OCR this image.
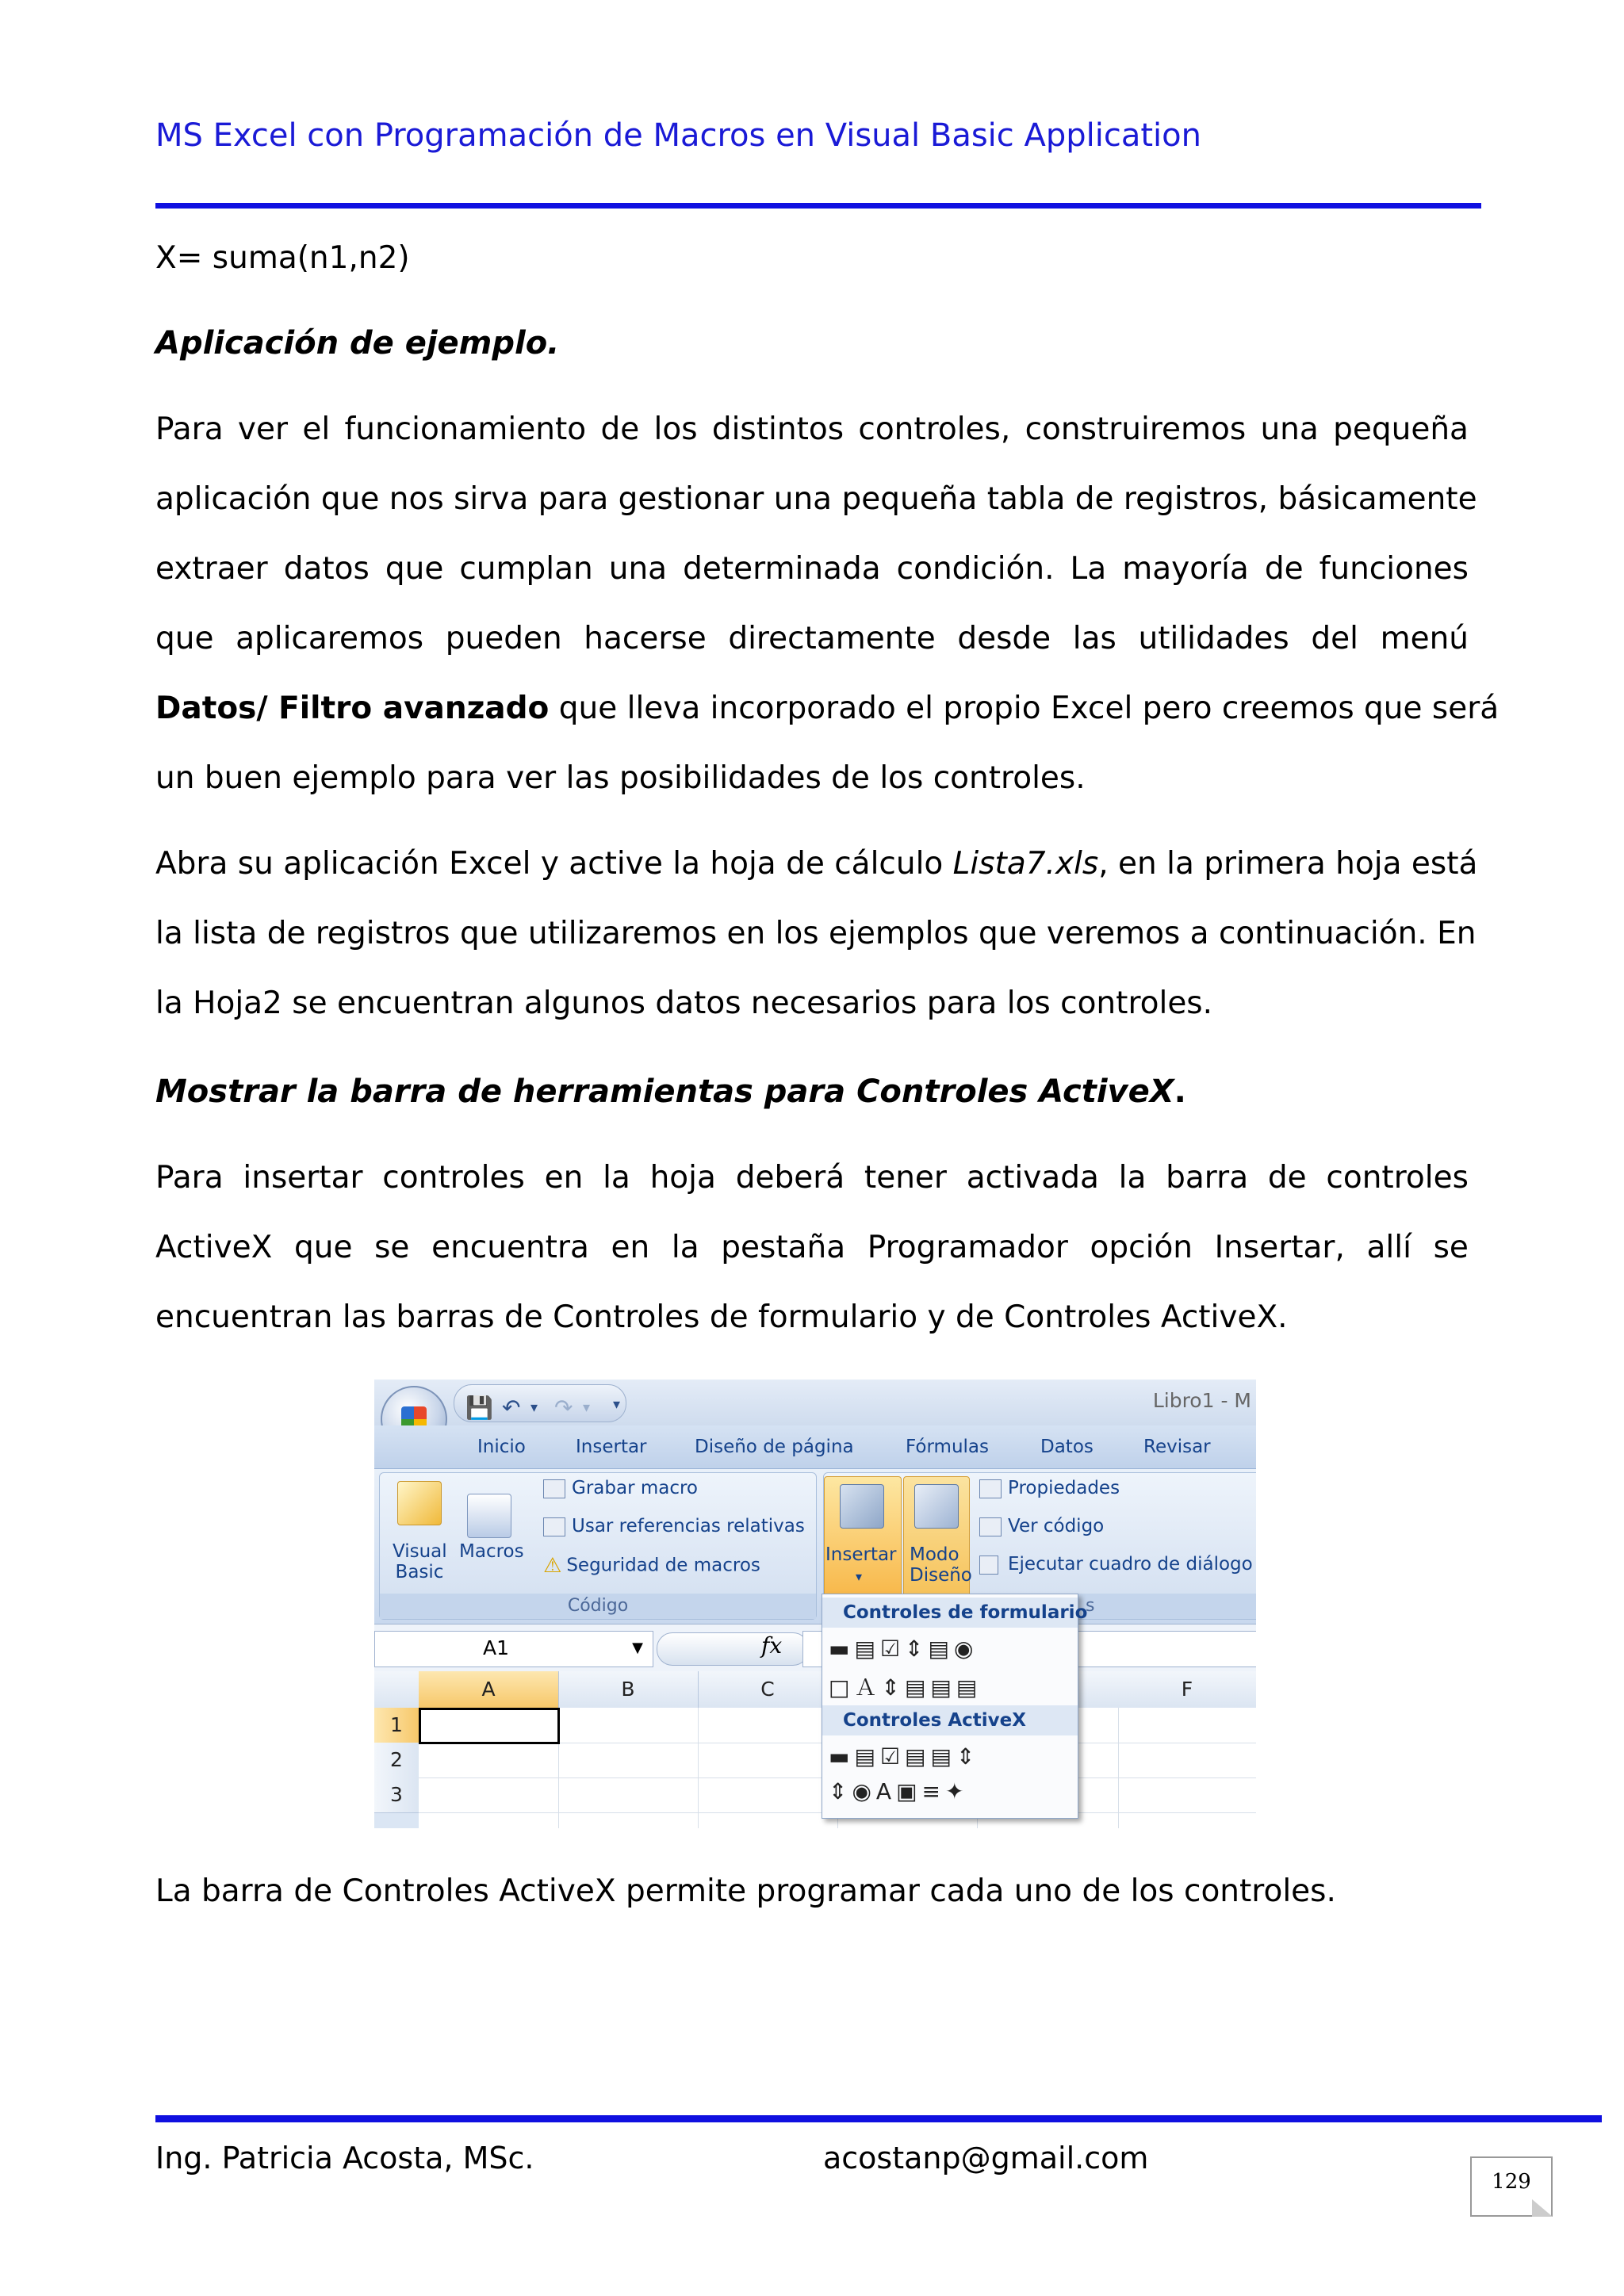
MS Excel con Programación de Macros en Visual Basic Application
X= suma(n1,n2)
Aplicación de ejemplo.
Para ver el funcionamiento de los distintos controles, construiremos una pequeña
aplicación que nos sirva para gestionar una pequeña tabla de registros, básicamente
extraer datos que cumplan una determinada condición. La mayoría de funciones
que aplicaremos pueden hacerse directamente desde las utilidades del menú
Datos/ Filtro avanzado que lleva incorporado el propio Excel pero creemos que será
un buen ejemplo para ver las posibilidades de los controles.
Abra su aplicación Excel y active la hoja de cálculo Lista7.xls, en la primera hoja está
la lista de registros que utilizaremos en los ejemplos que veremos a continuación. En
la Hoja2 se encuentran algunos datos necesarios para los controles.
Mostrar la barra de herramientas para Controles ActiveX.
Para insertar controles en la hoja deberá tener activada la barra de controles
ActiveX que se encuentra en la pestaña Programador opción Insertar, allí se
encuentran las barras de Controles de formulario y de Controles ActiveX.
💾 ↶ ▾ ↷ ▾ ▾	Libro1 - M
Inicio	Insertar	Diseño de página	Fórmulas	Datos	Revisar
Visual
Basic
Macros
Grabar macro
Usar referencias relativas
⚠ Seguridad de macros
Código
Insertar
▾
Modo
Diseño
Propiedades
Ver código
Ejecutar cuadro de diálogo
s
A1	▼	fx
A	B	C	F
1
2
3
Controles de formulario
▬▤☑⇕▤◉
□Ａ⇕▤▤▤
Controles ActiveX
▬▤☑▤▤⇕
⇕◉A▣≡✦
La barra de Controles ActiveX permite programar cada uno de los controles.
Ing. Patricia Acosta, MSc.	acostanp@gmail.com
129
